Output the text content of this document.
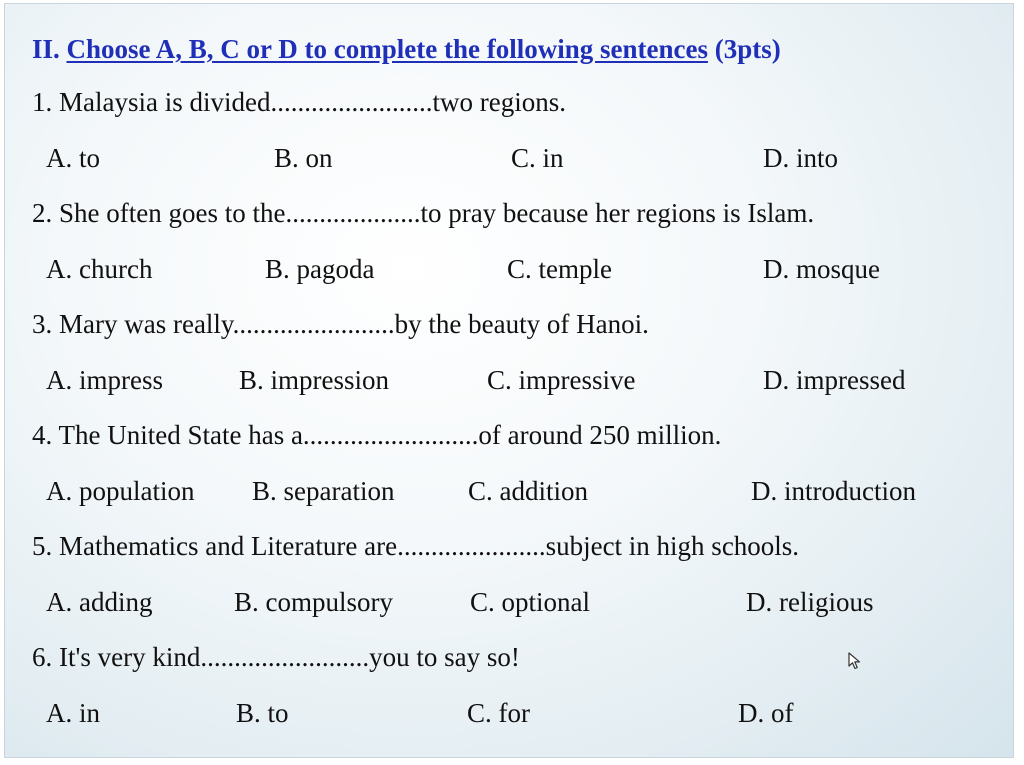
II. Choose A, B, C or D to complete the following sentences (3pts)
1. Malaysia is divided........................two regions.
A. to	B. on	C. in	D. into
2. She often goes to the....................to pray because her regions is Islam.
A. church	B. pagoda	C. temple	D. mosque
3. Mary was really........................by the beauty of Hanoi.
A. impress	B. impression	C. impressive	D. impressed
4. The United State has a..........................of around 250 million.
A. population B. separation	C. addition	D. introduction
5. Mathematics and Literature are......................subject in high schools.
A. adding	B. compulsory	C. optional	D. religious
6. It's very kind.........................you to say so!
A. in	B. to	C. for	D. of
